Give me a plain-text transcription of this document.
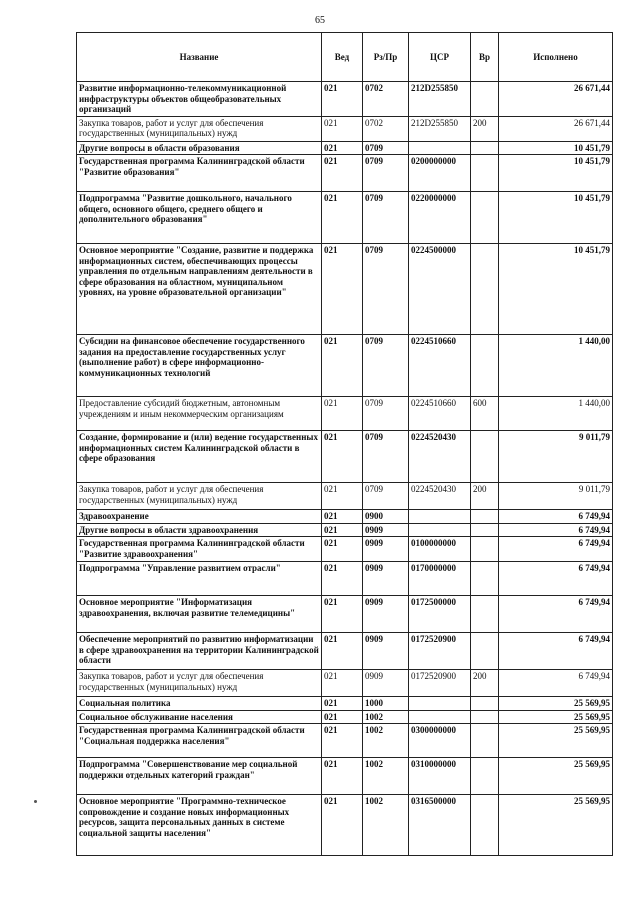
65
Название	Вед	Рз/Пр	ЦСР	Вр	Исполнено
Развитие информационно-телекоммуникационной инфраструктуры объектов общеобразовательных организаций	021	0702	212D255850		26 671,44
Закупка товаров, работ и услуг для обеспечения государственных (муниципальных) нужд	021	0702	212D255850	200	26 671,44
Другие вопросы в области образования	021	0709			10 451,79
Государственная программа Калининградской области "Развитие образования"	021	0709	0200000000		10 451,79
Подпрограмма "Развитие дошкольного, начального общего, основного общего, среднего общего и дополнительного образования"	021	0709	0220000000		10 451,79
Основное мероприятие "Создание, развитие и поддержка информационных систем, обеспечивающих процессы управления по отдельным направлениям деятельности в сфере образования на областном, муниципальном уровнях, на уровне образовательной организации"	021	0709	0224500000		10 451,79
Субсидии на финансовое обеспечение государственного задания на предоставление государственных услуг (выполнение работ) в сфере информационно-коммуникационных технологий	021	0709	0224510660		1 440,00
Предоставление субсидий бюджетным, автономным учреждениям и иным некоммерческим организациям	021	0709	0224510660	600	1 440,00
Создание, формирование и (или) ведение государственных информационных систем Калининградской области в сфере образования	021	0709	0224520430		9 011,79
Закупка товаров, работ и услуг для обеспечения государственных (муниципальных) нужд	021	0709	0224520430	200	9 011,79
Здравоохранение	021	0900			6 749,94
Другие вопросы в области здравоохранения	021	0909			6 749,94
Государственная программа Калининградской области "Развитие здравоохранения"	021	0909	0100000000		6 749,94
Подпрограмма "Управление развитием отрасли"	021	0909	0170000000		6 749,94
Основное мероприятие "Информатизация здравоохранения, включая развитие телемедицины"	021	0909	0172500000		6 749,94
Обеспечение мероприятий по развитию информатизации в сфере здравоохранения на территории Калининградской области	021	0909	0172520900		6 749,94
Закупка товаров, работ и услуг для обеспечения государственных (муниципальных) нужд	021	0909	0172520900	200	6 749,94
Социальная политика	021	1000			25 569,95
Социальное обслуживание населения	021	1002			25 569,95
Государственная программа Калининградской области "Социальная поддержка населения"	021	1002	0300000000		25 569,95
Подпрограмма "Совершенствование мер социальной поддержки отдельных категорий граждан"	021	1002	0310000000		25 569,95
Основное мероприятие "Программно-техническое сопровождение и создание новых информационных ресурсов, защита персональных данных в системе социальной защиты населения"	021	1002	0316500000		25 569,95
